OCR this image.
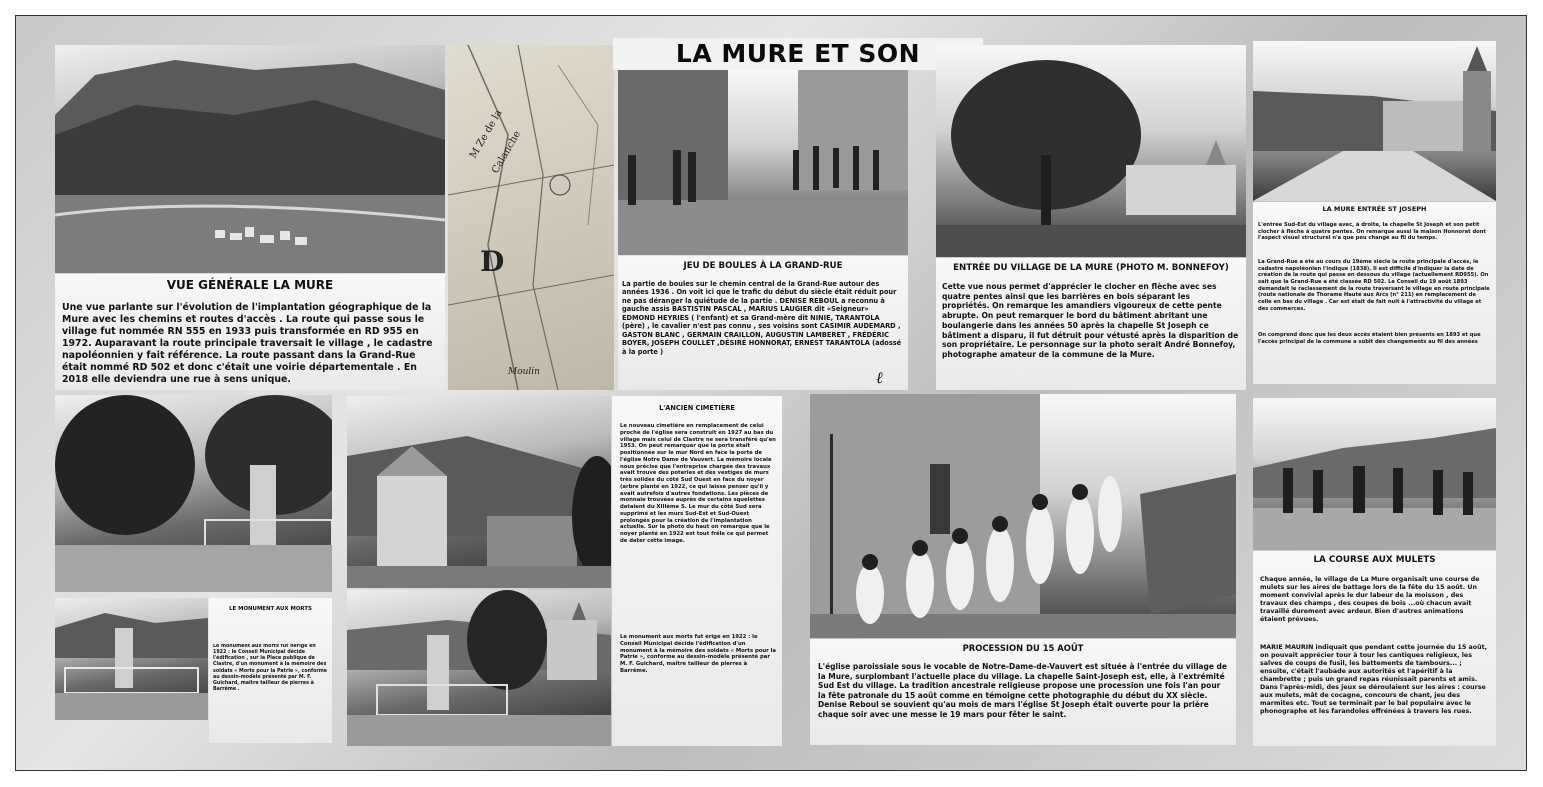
VUE GÉNÉRALE LA MURE
Une vue parlante sur l'évolution de l'implantation géographique de la Mure avec les chemins et routes d'accès . La route qui passe sous le village fut nommée RN 555 en 1933 puis transformée en RD 955 en 1972. Auparavant la route principale traversait le village , le cadastre napoléonnien y fait référence. La route passant dans la Grand-Rue était nommé RD 502 et donc c'était une voirie départementale . En 2018 elle deviendra une rue à sens unique.
M Ze de la
Calanche
D
Moulin
LA MURE ET SON
JEU DE BOULES À LA GRAND-RUE
La partie de boules sur le chemin central de la Grand-Rue autour des années 1936 . On voit ici que le trafic du début du siècle était réduit pour ne pas déranger la quiétude de la partie . DENISE REBOUL a reconnu à gauche assis BASTISTIN PASCAL , MARIUS LAUGIER dit «Seigneur» EDMOND HEYRIES ( l'enfant) et sa Grand-mère dit NINIE, TARANTOLA (père) , le cavalier n'est pas connu , ses voisins sont CASIMIR AUDEMARD , GASTON BLANC , GERMAIN CRAILLON, AUGUSTIN LAMBERET , FRÉDÉRIC BOYER, JOSEPH COULLET ,DÉSIRÉ HONNORAT, ERNEST TARANTOLA (adossé à la porte )
ℓ
ENTRÉE DU VILLAGE DE LA MURE (PHOTO M. BONNEFOY)
Cette vue nous permet d'apprécier le clocher en flèche avec ses quatre pentes ainsi que les barrières en bois séparant les propriétés. On remarque les amandiers vigoureux de cette pente abrupte. On peut remarquer le bord du bâtiment abritant une boulangerie dans les années 50 après la chapelle St Joseph ce bâtiment a disparu, il fut détruit pour vétusté après la disparition de son propriétaire. Le personnage sur la photo serait André Bonnefoy, photographe amateur de la commune de la Mure.
LA MURE ENTRÉE ST JOSEPH
L'entrée Sud-Est du village avec, à droite, la chapelle St Joseph et son petit clocher à flèche à quatre pentes. On remarque aussi la maison Honnorat dont l'aspect visuel structurel n'a que peu changé au fil du temps.
La Grand-Rue a été au cours du 19ème siècle la route principale d'accès, le cadastre napoléonien l'indique (1838). Il est difficile d'indiquer la date de création de la route qui passe en dessous du village (actuellement RD955). On sait que la Grand-Rue a été classée RD 502. Le Conseil du 19 août 1893 demandait le raclassement de la route traversant le village en route principale (route nationale de Thorame Haute aux Arcs (n° 211) en remplacement de celle en bas du village . Car est était de fait nuit à l'attractivité du village et des commerces.
On comprend donc que les deux accès étaient bien présents en 1893 et que l'accès principal de la commune a subit des changements au fil des années
LE MONUMENT AUX MORTS
Le monument aux morts fut hérigé en 1922 : le Conseil Municipal décide l'édification , sur la Place publique de Clastre, d'un monument à la mémoire des soldats « Morts pour la Patrie », conforme au dessin-modèle présenté par M. F. Guichard, maître tailleur de pierres à Barrême .
L'ANCIEN CIMETIÈRE
Le nouveau cimetière en remplacement de celui proche de l'église sera construit en 1927 au bas du village mais celui de Clastre ne sera transféré qu'en 1953. On peut remarquer que la porte était positionnée sur le mur Nord en face la porte de l'église Notre Dame de Vauvert. La mémoire locale nous précise que l'entreprise chargée des travaux avait trouvé des poteries et des vestiges de murs très solides du côté Sud Ouest en face du noyer (arbre planté en 1922, ce qui laisse penser qu'il y avait autrefois d'autres fondations. Les pièces de monnaie trouvées auprès de certains squelettes dataient du XIIIème S. Le mur du côté Sud sera supprimé et les murs Sud-Est et Sud-Ouest prolongés pour la création de l'implantation actuelle. Sur la photo du haut on remarque que le noyer planté en 1922 est tout frêle ce qui permet de dater cette image.
Le monument aux morts fut érigé en 1922 : le Conseil Municipal décide l'édification d'un monument à la mémoire des soldats « Morts pour la Patrie », conforme au dessin-modèle présenté par M. F. Guichard, maître tailleur de pierres à Barrême.
PROCESSION DU 15 AOÛT
L'église paroissiale sous le vocable de Notre-Dame-de-Vauvert est située à l'entrée du village de la Mure, surplombant l'actuelle place du village. La chapelle Saint-Joseph est, elle, à l'extrémité Sud Est du village. La tradition ancestrale religieuse propose une procession une fois l'an pour la fête patronale du 15 août comme en témoigne cette photographie du début du XX siècle. Denise Reboul se souvient qu'au mois de mars l'église St Joseph était ouverte pour la prière chaque soir avec une messe le 19 mars pour fêter le saint.
LA COURSE AUX MULETS
Chaque année, le village de La Mure organisait une course de mulets sur les aires de battage lors de la fête du 15 août. Un moment convivial après le dur labeur de la moisson , des travaux des champs , des coupes de bois ...où chacun avait travaillé durement avec ardeur. Bien d'autres animations étaient prévues.
MARIE MAURIN indiquait que pendant cette journée du 15 août, on pouvait apprécier tour à tour les cantiques religieux, les salves de coups de fusil, les battements de tambours... ; ensuite, c'était l'aubade aux autorités et l'apéritif à la chambrette ; puis un grand repas réunissait parents et amis. Dans l'après-midi, des jeux se déroulaient sur les aires : course aux mulets, mât de cocagne, concours de chant, jeu des marmites etc. Tout se terminait par le bal populaire avec le phonographe et les farandoles effrénées à travers les rues.
